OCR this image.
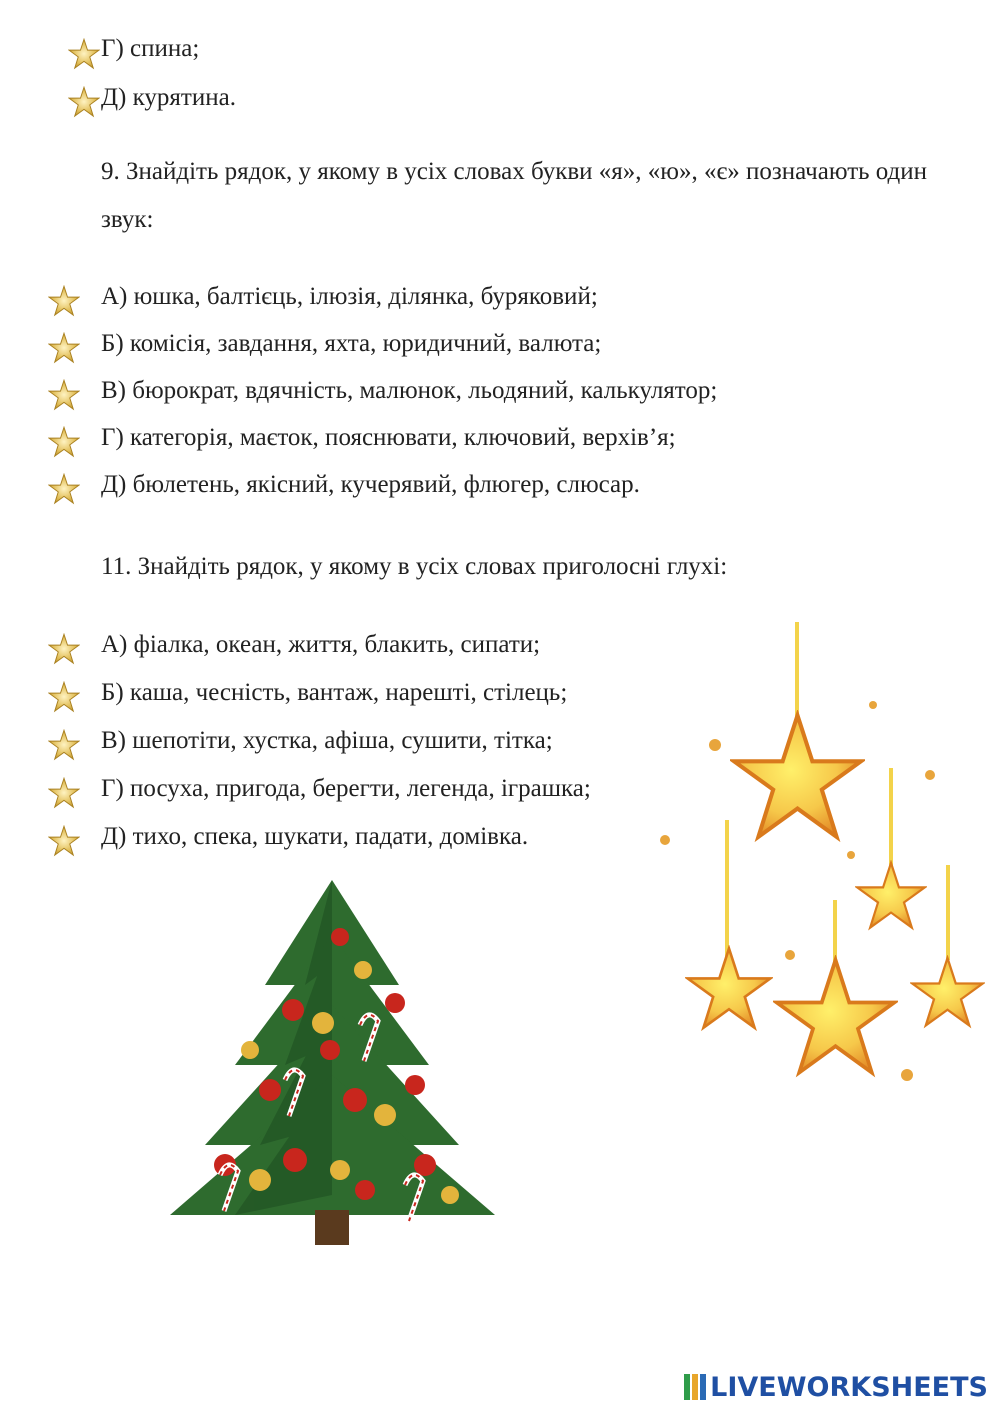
Г) спина;
Д) курятина.
9. Знайдіть рядок, у якому в усіх словах букви «я», «ю», «є» позначають один
звук:
А) юшка, балтієць, ілюзія, ділянка, буряковий;
Б) комісія, завдання, яхта, юридичний, валюта;
В) бюрократ, вдячність, малюнок, льодяний, калькулятор;
Г) категорія, маєток, пояснювати, ключовий, верхів’я;
Д) бюлетень, якісний, кучерявий, флюгер, слюсар.
11. Знайдіть рядок, у якому в усіх словах приголосні глухі:
А) фіалка, океан, життя, блакить, сипати;
Б) каша, чесність, вантаж, нарешті, стілець;
В) шепотіти, хустка, афіша, сушити, тітка;
Г) посуха, пригода, берегти, легенда, іграшка;
Д) тихо, спека, шукати, падати, домівка.
LIVEWORKSHEETS
